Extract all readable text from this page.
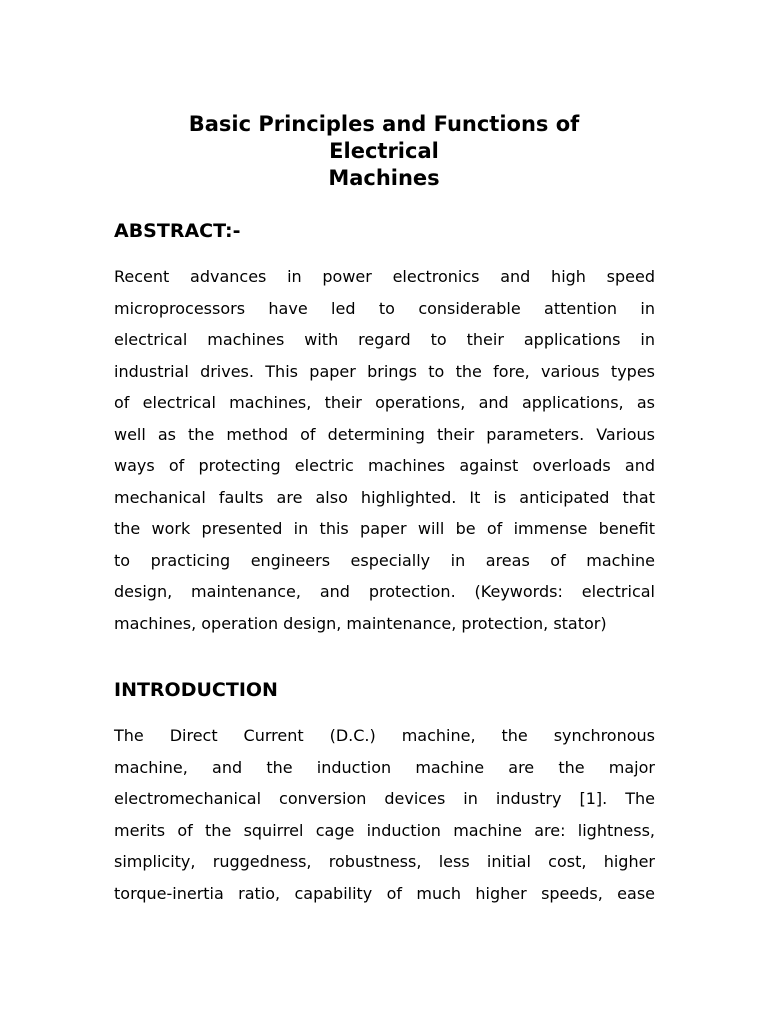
Basic Principles and Functions of
Electrical
Machines
ABSTRACT:-

Recent advances in power electronics and high speed
microprocessors have led to considerable attention in
electrical machines with regard to their applications in
industrial drives. This paper brings to the fore, various types
of electrical machines, their operations, and applications, as
well as the method of determining their parameters. Various
ways of protecting electric machines against overloads and
mechanical faults are also highlighted. It is anticipated that
the work presented in this paper will be of immense benefit
to practicing engineers especially in areas of machine
design, maintenance, and protection. (Keywords: electrical
machines, operation design, maintenance, protection, stator)

INTRODUCTION

The Direct Current (D.C.) machine, the synchronous
machine, and the induction machine are the major
electromechanical conversion devices in industry [1]. The
merits of the squirrel cage induction machine are: lightness,
simplicity, ruggedness, robustness, less initial cost, higher
torque-inertia ratio, capability of much higher speeds, ease
